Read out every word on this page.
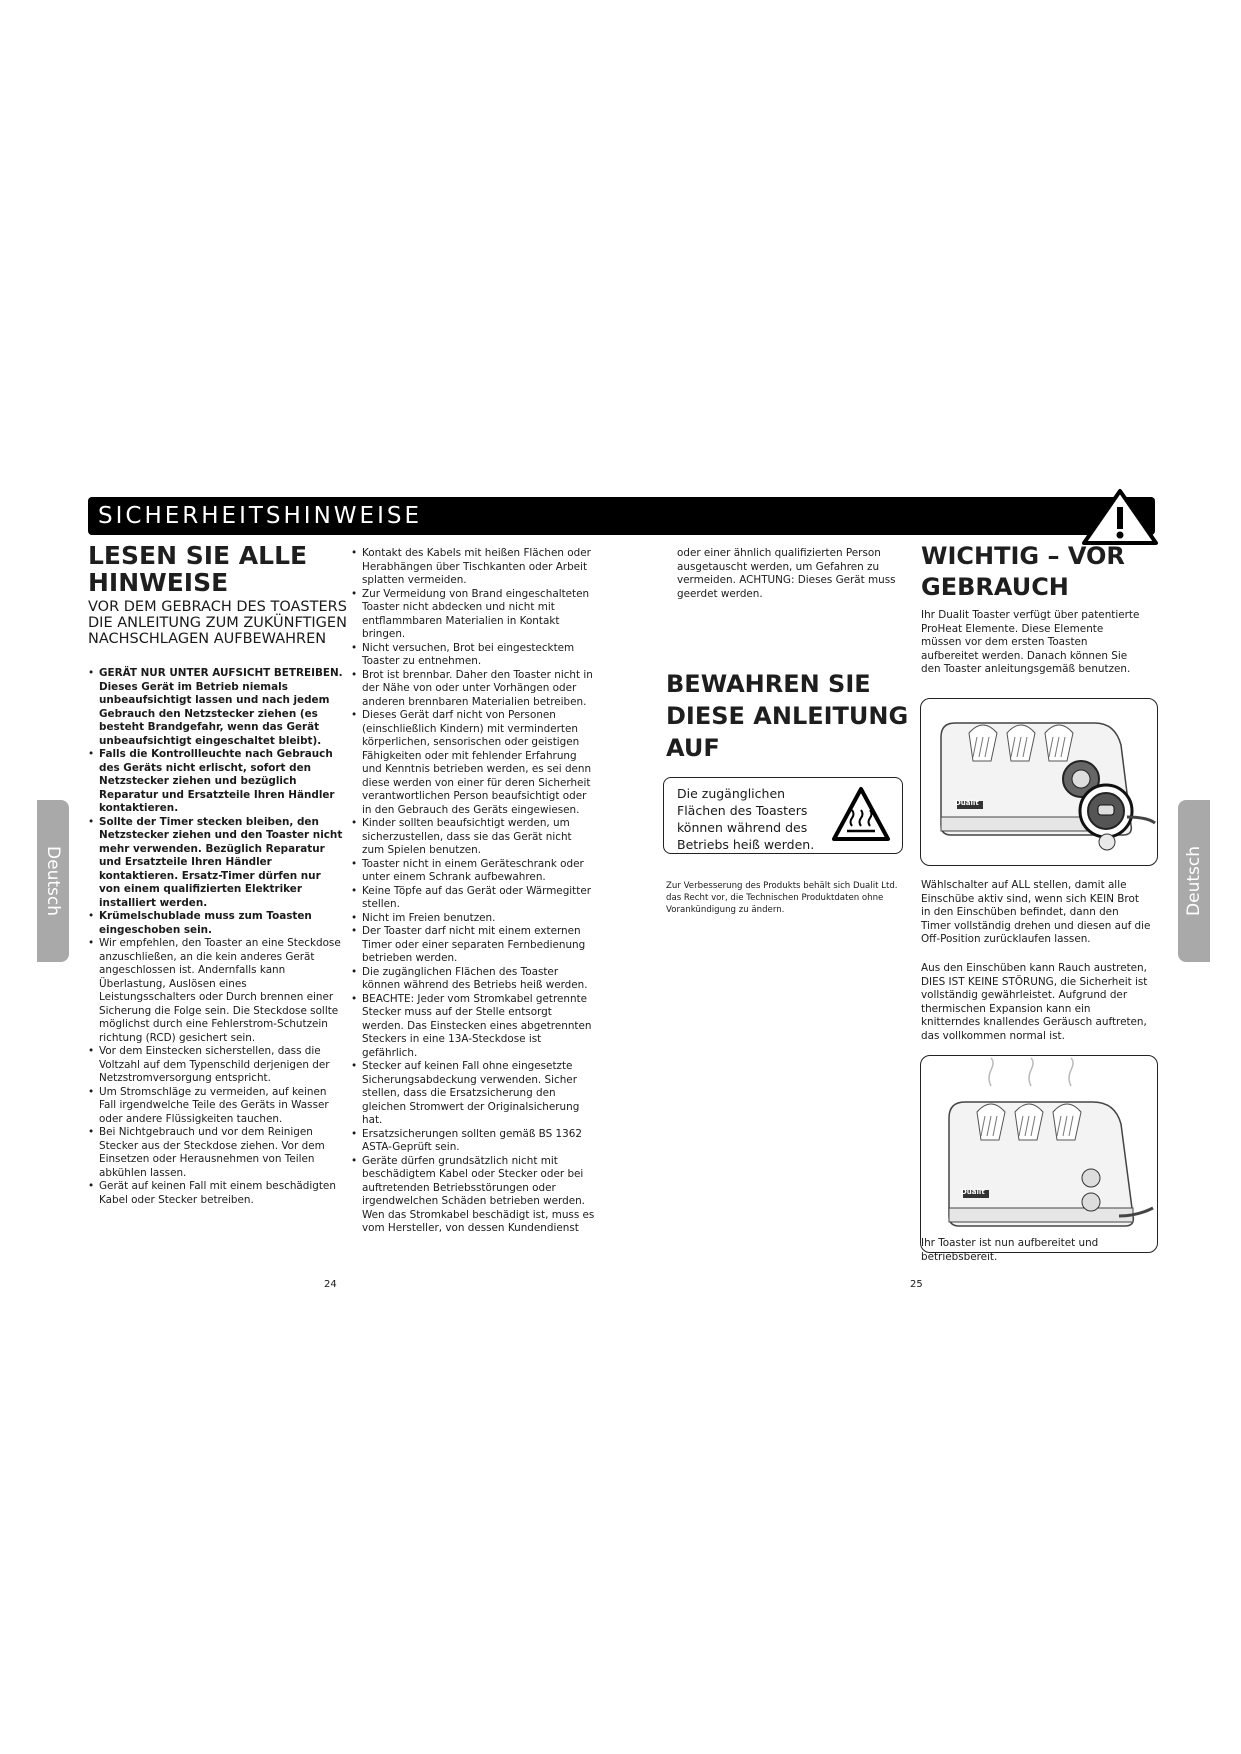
SICHERHEITSHINWEISE
Deutsch	Deutsch
LESEN SIE ALLE HINWEISE
VOR DEM GEBRACH DES TOASTERS DIE ANLEITUNG ZUM ZUKÜNFTIGEN NACHSCHLAGEN AUFBEWAHREN

• GERÄT NUR UNTER AUFSICHT BETREIBEN. Dieses Gerät im Betrieb niemals unbeaufsichtigt lassen und nach jedem Gebrauch den Netzstecker ziehen (es besteht Brandgefahr, wenn das Gerät unbeaufsichtigt eingeschaltet bleibt).

• Falls die Kontrollleuchte nach Gebrauch des Geräts nicht erlischt, sofort den Netzstecker ziehen und bezüglich Reparatur und Ersatzteile Ihren Händler kontaktieren.

• Sollte der Timer stecken bleiben, den Netzstecker ziehen und den Toaster nicht mehr verwenden. Bezüglich Reparatur und Ersatzteile Ihren Händler kontaktieren. Ersatz-Timer dürfen nur von einem qualifizierten Elektriker installiert werden.

• Krümelschublade muss zum Toasten eingeschoben sein.

• Wir empfehlen, den Toaster an eine Steckdose anzuschließen, an die kein anderes Gerät angeschlossen ist. Andernfalls kann Überlastung, Auslösen eines Leistungsschalters oder Durch brennen einer Sicherung die Folge sein. Die Steckdose sollte möglichst durch eine Fehlerstrom-Schutzein richtung (RCD) gesichert sein.

• Vor dem Einstecken sicherstellen, dass die Voltzahl auf dem Typenschild derjenigen der Netzstromversorgung entspricht.

• Um Stromschläge zu vermeiden, auf keinen Fall irgendwelche Teile des Geräts in Wasser oder andere Flüssigkeiten tauchen.

• Bei Nichtgebrauch und vor dem Reinigen Stecker aus der Steckdose ziehen. Vor dem Einsetzen oder Herausnehmen von Teilen abkühlen lassen.

• Gerät auf keinen Fall mit einem beschädigten Kabel oder Stecker betreiben.

• Kontakt des Kabels mit heißen Flächen oder Herabhängen über Tischkanten oder Arbeit splatten vermeiden.

• Zur Vermeidung von Brand eingeschalteten Toaster nicht abdecken und nicht mit entflammbaren Materialien in Kontakt bringen.

• Nicht versuchen, Brot bei eingestecktem Toaster zu entnehmen.

• Brot ist brennbar. Daher den Toaster nicht in der Nähe von oder unter Vorhängen oder anderen brennbaren Materialien betreiben.

• Dieses Gerät darf nicht von Personen (einschließlich Kindern) mit verminderten körperlichen, sensorischen oder geistigen Fähigkeiten oder mit fehlender Erfahrung und Kenntnis betrieben werden, es sei denn diese werden von einer für deren Sicherheit verantwortlichen Person beaufsichtigt oder in den Gebrauch des Geräts eingewiesen.

• Kinder sollten beaufsichtigt werden, um sicherzustellen, dass sie das Gerät nicht zum Spielen benutzen.

• Toaster nicht in einem Geräteschrank oder unter einem Schrank aufbewahren.

• Keine Töpfe auf das Gerät oder Wärmegitter stellen.

• Nicht im Freien benutzen.

• Der Toaster darf nicht mit einem externen Timer oder einer separaten Fernbedienung betrieben werden.

• Die zugänglichen Flächen des Toaster können während des Betriebs heiß werden.

• BEACHTE: Jeder vom Stromkabel getrennte Stecker muss auf der Stelle entsorgt werden. Das Einstecken eines abgetrennten Steckers in eine 13A-Steckdose ist gefährlich.

• Stecker auf keinen Fall ohne eingesetzte Sicherungsabdeckung verwenden. Sicher stellen, dass die Ersatzsicherung den gleichen Stromwert der Originalsicherung hat.

• Ersatzsicherungen sollten gemäß BS 1362 ASTA-Geprüft sein.

• Geräte dürfen grundsätzlich nicht mit beschädigtem Kabel oder Stecker oder bei auftretenden Betriebsstörungen oder irgendwelchen Schäden betrieben werden. Wen das Stromkabel beschädigt ist, muss es vom Hersteller, von dessen Kundendienst

24
oder einer ähnlich qualifizierten Person ausgetauscht werden, um Gefahren zu vermeiden. ACHTUNG: Dieses Gerät muss geerdet werden.
BEWAHREN SIE DIESE ANLEITUNG AUF
Die zugänglichen Flächen des Toasters können während des Betriebs heiß werden.
Zur Verbesserung des Produkts behält sich Dualit Ltd. das Recht vor, die Technischen Produktdaten ohne Vorankündigung zu ändern.
WICHTIG – VOR GEBRAUCH
Ihr Dualit Toaster verfügt über patentierte ProHeat Elemente. Diese Elemente müssen vor dem ersten Toasten aufbereitet werden. Danach können Sie den Toaster anleitungsgemäß benutzen.
Dualit
Wählschalter auf ALL stellen, damit alle Einschübe aktiv sind, wenn sich KEIN Brot in den Einschüben befindet, dann den Timer vollständig drehen und diesen auf die Off-Position zurücklaufen lassen.
Aus den Einschüben kann Rauch austreten, DIES IST KEINE STÖRUNG, die Sicherheit ist vollständig gewährleistet. Aufgrund der thermischen Expansion kann ein knitterndes knallendes Geräusch auftreten, das vollkommen normal ist.
Dualit
Ihr Toaster ist nun aufbereitet und betriebsbereit.
25
